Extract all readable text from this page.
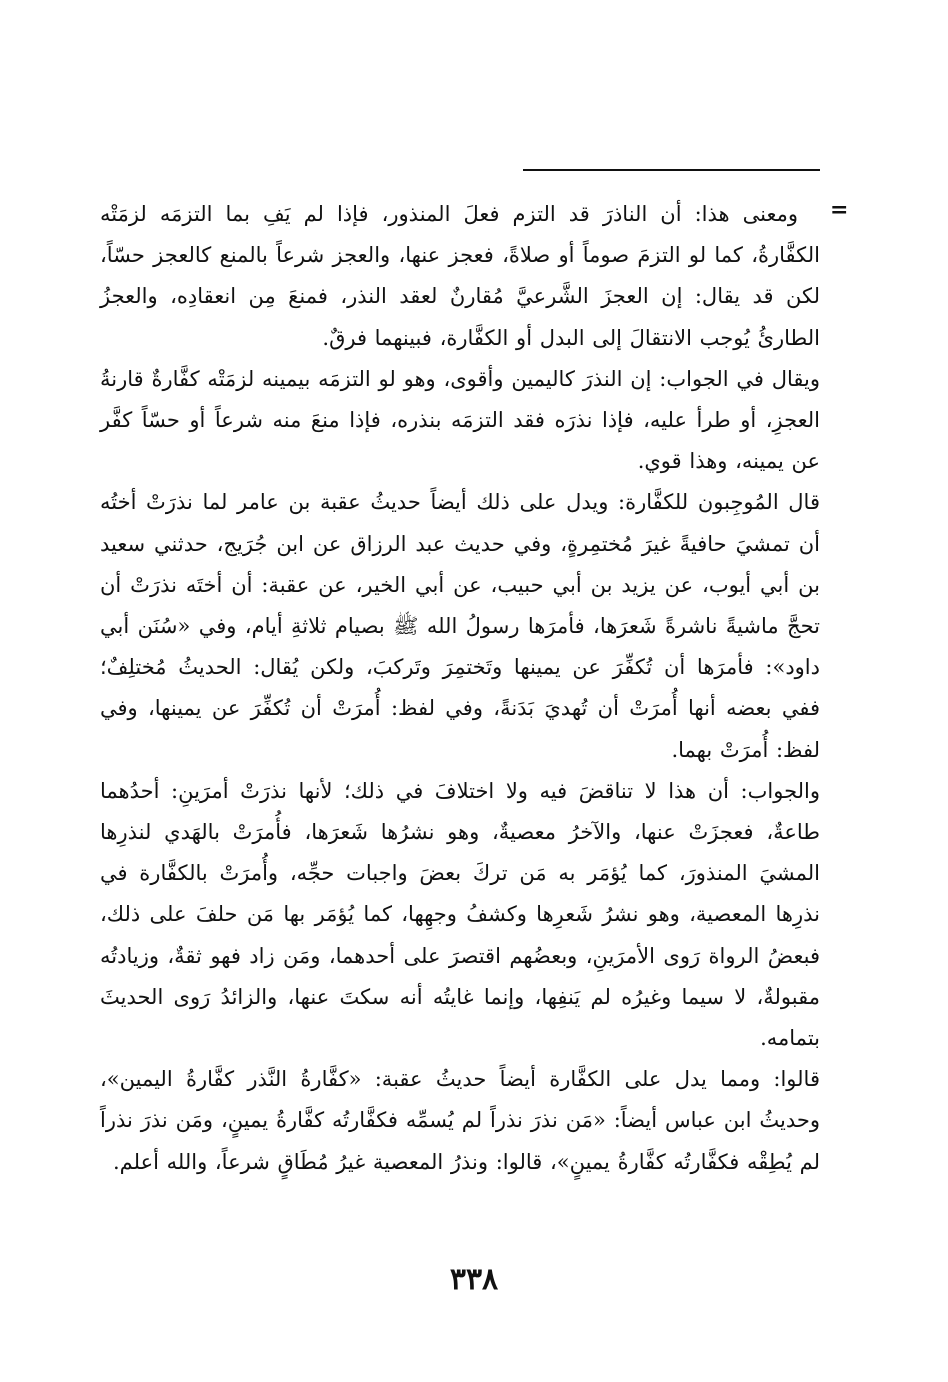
=

ومعنى هذا: أن الناذرَ قد التزم فعلَ المنذور، فإذا لم يَفِ بما التزمَه لزمَتْه الكفَّارةُ، كما لو التزمَ صوماً أو صلاةً، فعجز عنها، والعجز شرعاً بالمنع كالعجز حسّاً، لكن قد يقال: إن العجزَ الشَّرعيَّ مُقارنٌ لعقد النذر، فمنعَ مِن انعقادِه، والعجزُ الطارئُ يُوجب الانتقالَ إلى البدل أو الكفَّارة، فبينهما فرقٌ.

ويقال في الجواب: إن النذرَ كاليمين وأقوى، وهو لو التزمَه بيمينه لزمَتْه كفَّارةٌ قارنةُ العجزِ، أو طرأ عليه، فإذا نذرَه فقد التزمَه بنذره، فإذا منعَ منه شرعاً أو حسّاً كفَّر عن يمينه، وهذا قوي.

قال المُوجِبون للكفَّارة: ويدل على ذلك أيضاً حديثُ عقبة بن عامر لما نذرَتْ أختُه أن تمشيَ حافيةً غيرَ مُختمِرةٍ، وفي حديث عبد الرزاق عن ابن جُرَيج، حدثني سعيد بن أبي أيوب، عن يزيد بن أبي حبيب، عن أبي الخير، عن عقبة: أن أختَه نذرَتْ أن تحجَّ ماشيةً ناشرةً شَعرَها، فأمرَها رسولُ الله ﷺ بصيام ثلاثةِ أيام، وفي «سُنَن أبي داود»: فأمرَها أن تُكفِّرَ عن يمينها وتَختمِرَ وتَركبَ، ولكن يُقال: الحديثُ مُختلِفٌ؛ ففي بعضه أنها أُمرَتْ أن تُهديَ بَدَنةً، وفي لفظ: أُمرَتْ أن تُكفِّرَ عن يمينها، وفي لفظ: أُمرَتْ بهما.

والجواب: أن هذا لا تناقضَ فيه ولا اختلافَ في ذلك؛ لأنها نذرَتْ أمرَينِ: أحدُهما طاعةٌ، فعجزَتْ عنها، والآخرُ معصيةٌ، وهو نشرُها شَعرَها، فأُمرَتْ بالهَدي لنذرِها المشيَ المنذورَ، كما يُؤمَر به مَن تركَ بعضَ واجبات حجِّه، وأُمرَتْ بالكفَّارة في نذرِها المعصية، وهو نشرُ شَعرِها وكشفُ وجهِها، كما يُؤمَر بها مَن حلفَ على ذلك، فبعضُ الرواة رَوى الأمرَينِ، وبعضُهم اقتصرَ على أحدهما، ومَن زاد فهو ثقةٌ، وزيادتُه مقبولةٌ، لا سيما وغيرُه لم يَنفِها، وإنما غايتُه أنه سكتَ عنها، والزائدُ رَوى الحديثَ بتمامه.

قالوا: ومما يدل على الكفَّارة أيضاً حديثُ عقبة: «كفَّارةُ النَّذر كفَّارةُ اليمين»، وحديثُ ابن عباس أيضاً: «مَن نذرَ نذراً لم يُسمِّه فكفَّارتُه كفَّارةُ يمينٍ، ومَن نذرَ نذراً لم يُطِقْه فكفَّارتُه كفَّارةُ يمينٍ»، قالوا: ونذرُ المعصية غيرُ مُطَاقٍ شرعاً، والله أعلم.

٣٣٨
